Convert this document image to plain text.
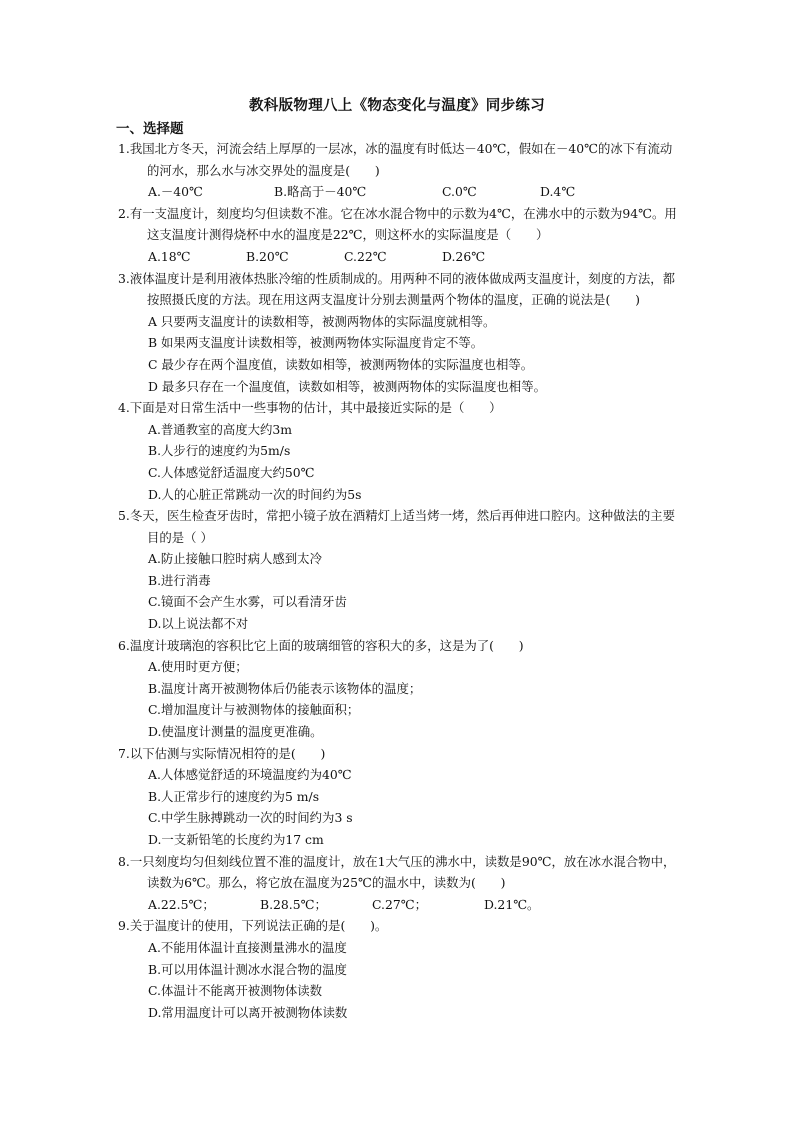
教科版物理八上《物态变化与温度》同步练习
一、选择题
1.我国北方冬天，河流会结上厚厚的一层冰，冰的温度有时低达－40℃，假如在－40℃的冰下有流动的河水，那么水与冰交界处的温度是(　　)
A.－40℃	B.略高于－40℃	C.0℃	D.4℃
2.有一支温度计，刻度均匀但读数不准。它在冰水混合物中的示数为4℃，在沸水中的示数为94℃。用这支温度计测得烧杯中水的温度是22℃，则这杯水的实际温度是（　　）
A.18℃	B.20℃	C.22℃	D.26℃
3.液体温度计是利用液体热胀冷缩的性质制成的。用两种不同的液体做成两支温度计，刻度的方法，都按照摄氏度的方法。现在用这两支温度计分别去测量两个物体的温度，正确的说法是(　　)
A 只要两支温度计的读数相等，被测两物体的实际温度就相等。
B 如果两支温度计读数相等，被测两物体实际温度肯定不等。
C 最少存在两个温度值，读数如相等，被测两物体的实际温度也相等。
D 最多只存在一个温度值，读数如相等，被测两物体的实际温度也相等。
4.下面是对日常生活中一些事物的估计，其中最接近实际的是（　　）
A.普通教室的高度大约3m
B.人步行的速度约为5m/s
C.人体感觉舒适温度大约50℃
D.人的心脏正常跳动一次的时间约为5s
5.冬天，医生检查牙齿时，常把小镜子放在酒精灯上适当烤一烤，然后再伸进口腔内。这种做法的主要目的是（ ）
A.防止接触口腔时病人感到太冷
B.进行消毒
C.镜面不会产生水雾，可以看清牙齿
D.以上说法都不对
6.温度计玻璃泡的容积比它上面的玻璃细管的容积大的多，这是为了(　　)
A.使用时更方便；
B.温度计离开被测物体后仍能表示该物体的温度；
C.增加温度计与被测物体的接触面积；
D.使温度计测量的温度更准确。
7.以下估测与实际情况相符的是(　　)
A.人体感觉舒适的环境温度约为40℃
B.人正常步行的速度约为5 m/s
C.中学生脉搏跳动一次的时间约为3 s
D.一支新铅笔的长度约为17 cm
8.一只刻度均匀但刻线位置不准的温度计，放在1大气压的沸水中，读数是90℃，放在冰水混合物中，读数为6℃。那么，将它放在温度为25℃的温水中，读数为(　　)
A.22.5℃；	B.28.5℃；	C.27℃；	D.21℃。
9.关于温度计的使用，下列说法正确的是(　　)。
A.不能用体温计直接测量沸水的温度
B.可以用体温计测冰水混合物的温度
C.体温计不能离开被测物体读数
D.常用温度计可以离开被测物体读数
